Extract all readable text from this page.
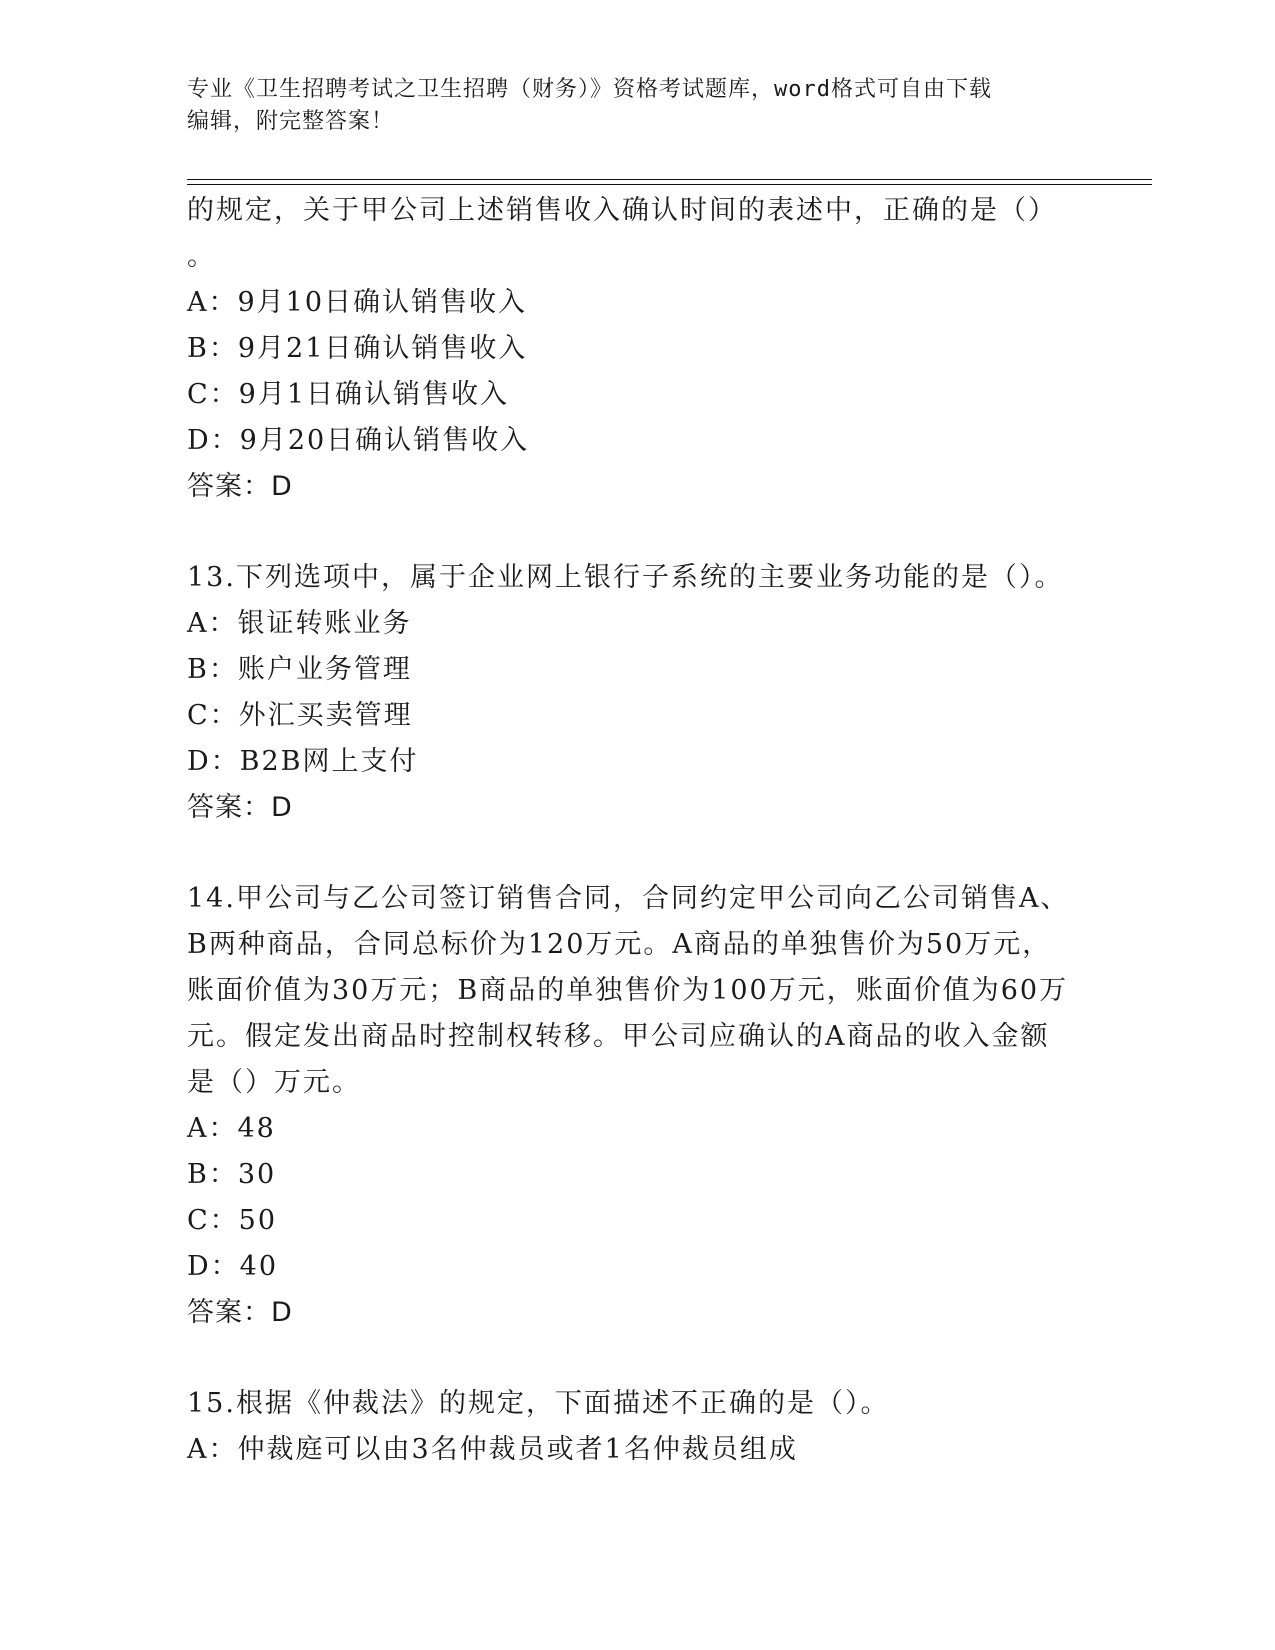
专业《卫生招聘考试之卫生招聘（财务）》资格考试题库，word格式可自由下载
编辑，附完整答案！
的规定，关于甲公司上述销售收入确认时间的表述中，正确的是（）
。
A：9月10日确认销售收入
B：9月21日确认销售收入
C：9月1日确认销售收入
D：9月20日确认销售收入
答案：D
13.下列选项中，属于企业网上银行子系统的主要业务功能的是（）。
A：银证转账业务
B：账户业务管理
C：外汇买卖管理
D：B2B网上支付
答案：D
14.甲公司与乙公司签订销售合同，合同约定甲公司向乙公司销售A、
B两种商品，合同总标价为120万元。A商品的单独售价为50万元，
账面价值为30万元；B商品的单独售价为100万元，账面价值为60万
元。假定发出商品时控制权转移。甲公司应确认的A商品的收入金额
是（）万元。
A：48
B：30
C：50
D：40
答案：D
15.根据《仲裁法》的规定，下面描述不正确的是（）。
A：仲裁庭可以由3名仲裁员或者1名仲裁员组成
